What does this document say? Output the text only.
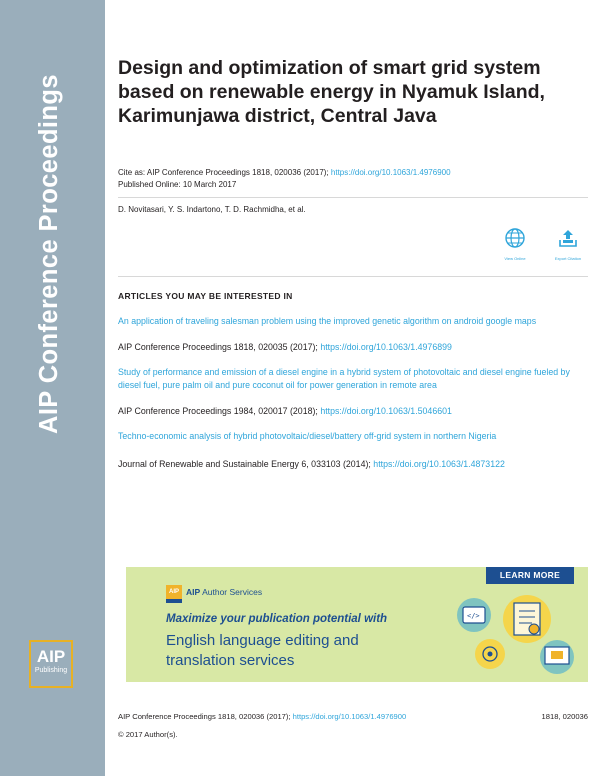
AIP Conference Proceedings
AIP
Publishing
Design and optimization of smart grid system based on renewable energy in Nyamuk Island, Karimunjawa district, Central Java
Cite as: AIP Conference Proceedings 1818, 020036 (2017); https://doi.org/10.1063/1.4976900
Published Online: 10 March 2017
D. Novitasari, Y. S. Indartono, T. D. Rachmidha, et al.
View Online	Export Citation
ARTICLES YOU MAY BE INTERESTED IN
An application of traveling salesman problem using the improved genetic algorithm on android google maps
AIP Conference Proceedings 1818, 020035 (2017); https://doi.org/10.1063/1.4976899
Study of performance and emission of a diesel engine in a hybrid system of photovoltaic and diesel engine fueled by diesel fuel, pure palm oil and pure coconut oil for power generation in remote area
AIP Conference Proceedings 1984, 020017 (2018); https://doi.org/10.1063/1.5046601
Techno-economic analysis of hybrid photovoltaic/diesel/battery off-grid system in northern Nigeria
Journal of Renewable and Sustainable Energy 6, 033103 (2014); https://doi.org/10.1063/1.4873122
AIP AIP Author Services
LEARN MORE
Maximize your publication potential with
English language editing and
translation services
</>
AIP Conference Proceedings 1818, 020036 (2017); https://doi.org/10.1063/1.4976900	1818, 020036
© 2017 Author(s).
